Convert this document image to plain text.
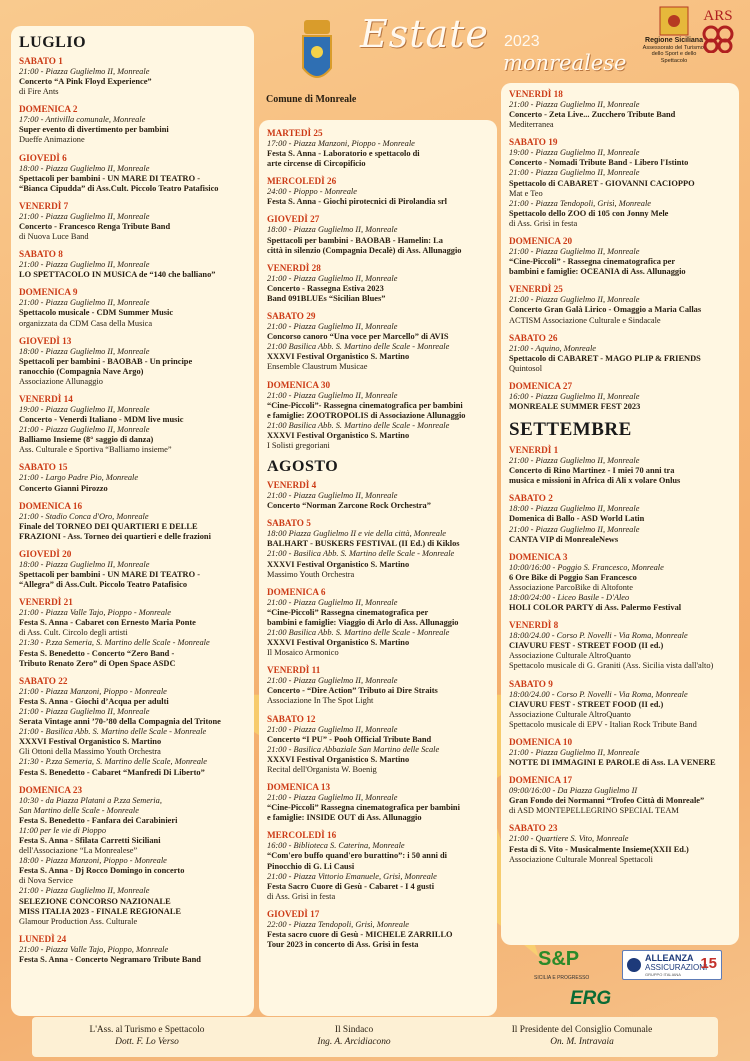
LUGLIO
SABATO 1
21:00 - Piazza Guglielmo II, Monreale
Concerto “A Pink Floyd Experience”
di Fire Ants
DOMENICA 2
17:00 - Antivilla comunale, Monreale
Super evento di divertimento per bambini
Dueffe Animazione
GIOVEDÌ 6
18:00 - Piazza Guglielmo II, Monreale
Spettacoli per bambini - UN MARE DI TEATRO -
“Bianca Cipudda” di Ass.Cult. Piccolo Teatro Patafisico
VENERDÌ 7
21:00 - Piazza Guglielmo II, Monreale
Concerto - Francesco Renga Tribute Band
di Nuova Luce Band
SABATO 8
21:00 - Piazza Guglielmo II, Monreale
LO SPETTACOLO IN MUSICA de “140 che balliano”
DOMENICA 9
21:00 - Piazza Guglielmo II, Monreale
Spettacolo musicale - CDM Summer Music
organizzata da CDM Casa della Musica
GIOVEDÌ 13
18:00 - Piazza Guglielmo II, Monreale
Spettacoli per bambini - BAOBAB - Un principe
ranocchio (Compagnia Nave Argo)
Associazione Allunaggio
VENERDÌ 14
19:00 - Piazza Guglielmo II, Monreale
Concerto - Venerdì Italiano - MDM live music
21:00 - Piazza Guglielmo II, Monreale
Balliamo Insieme (8° saggio di danza)
Ass. Culturale e Sportiva “Balliamo insieme”
SABATO 15
21:00 - Largo Padre Pio, Monreale
Concerto Gianni Pirozzo
DOMENICA 16
21:00 - Stadio Conca d'Oro, Monreale
Finale del TORNEO DEI QUARTIERI E DELLE
FRAZIONI - Ass. Torneo dei quartieri e delle frazioni
GIOVEDÌ 20
18:00 - Piazza Guglielmo II, Monreale
Spettacoli per bambini - UN MARE DI TEATRO -
“Allegra” di Ass.Cult. Piccolo Teatro Patafisico
VENERDÌ 21
21:00 - Piazza Valle Tajo, Pioppo - Monreale
Festa S. Anna - Cabaret con Ernesto Maria Ponte
di Ass. Cult. Circolo degli artisti
21:30 - P.zza Semeria, S. Martino delle Scale - Monreale
Festa S. Benedetto - Concerto “Zero Band -
Tributo Renato Zero” di Open Space ASDC
SABATO 22
21:00 - Piazza Manzoni, Pioppo - Monreale
Festa S. Anna - Giochi d’Acqua per adulti
21:00 - Piazza Guglielmo II, Monreale
Serata Vintage anni ’70-’80 della Compagnia del Tritone
21:00 - Basilica Abb. S. Martino delle Scale - Monreale
XXXVI Festival Organistico S. Martino
Gli Ottoni della Massimo Youth Orchestra
21:30 - P.zza Semeria, S. Martino delle Scale, Monreale
Festa S. Benedetto - Cabaret “Manfredi Di Liberto”
DOMENICA 23
10:30 - da Piazza Platani a P.zza Semeria,
San Martino delle Scale - Monreale
Festa S. Benedetto - Fanfara dei Carabinieri
11:00 per le vie di Pioppo
Festa S. Anna - Sfilata Carretti Siciliani
dell'Associazione “La Monrealese”
18:00 - Piazza Manzoni, Pioppo - Monreale
Festa S. Anna - Dj Rocco Domingo in concerto
di Nova Service
21:00 - Piazza Guglielmo II, Monreale
SELEZIONE CONCORSO NAZIONALE
MISS ITALIA 2023 - FINALE REGIONALE
Glamour Production Ass. Culturale
LUNEDÌ 24
21:00 - Piazza Valle Tajo, Pioppo, Monreale
Festa S. Anna - Concerto Negramaro Tribute Band
MARTEDÌ 25
17:00 - Piazza Manzoni, Pioppo - Monreale
Festa S. Anna - Laboratorio e spettacolo di
arte circense di Circopificio
MERCOLEDÌ 26
24:00 - Pioppo - Monreale
Festa S. Anna - Giochi pirotecnici di Pirolandia srl
GIOVEDÌ 27
18:00 - Piazza Guglielmo II, Monreale
Spettacoli per bambini - BAOBAB - Hamelin: La
città in silenzio (Compagnia Decalè) di Ass. Allunaggio
VENERDÌ 28
21:00 - Piazza Guglielmo II, Monreale
Concerto - Rassegna Estiva 2023
Band 091BLUEs “Sicilian Blues”
SABATO 29
21:00 - Piazza Guglielmo II, Monreale
Concorso canoro “Una voce per Marcello” di AVIS
21:00 Basilica Abb. S. Martino delle Scale - Monreale
XXXVI Festival Organistico S. Martino
Ensemble Claustrum Musicae
DOMENICA 30
21:00 - Piazza Guglielmo II, Monreale
“Cine-Piccoli”- Rassegna cinematografica per bambini
e famiglie: ZOOTROPOLIS di Associazione Allunaggio
21:00 Basilica Abb. S. Martino delle Scale - Monreale
XXXVI Festival Organistico S. Martino
I Solisti gregoriani
AGOSTO
VENERDÌ 4
21:00 - Piazza Guglielmo II, Monreale
Concerto “Norman Zarcone Rock Orchestra”
SABATO 5
18:00 Piazza Guglielmo II e vie della città, Monreale
BALHART - BUSKERS FESTIVAL (II Ed.) di Kiklos
21:00 - Basilica Abb. S. Martino delle Scale - Monreale
XXXVI Festival Organistico S. Martino
Massimo Youth Orchestra
DOMENICA 6
21:00 - Piazza Guglielmo II, Monreale
“Cine-Piccoli” Rassegna cinematografica per
bambini e famiglie: Viaggio di Arlo di Ass. Allunaggio
21:00 Basilica Abb. S. Martino delle Scale - Monreale
XXXVI Festival Organistico S. Martino
Il Mosaico Armonico
VENERDÌ 11
21:00 - Piazza Guglielmo II, Monreale
Concerto - “Dire Action” Tributo ai Dire Straits
Associazione In The Spot Light
SABATO 12
21:00 - Piazza Guglielmo II, Monreale
Concerto “I PU” - Pooh Official Tribute Band
21:00 - Basilica Abbaziale San Martino delle Scale
XXXVI Festival Organistico S. Martino
Recital dell'Organista W. Boenig
DOMENICA 13
21:00 - Piazza Guglielmo II, Monreale
“Cine-Piccoli” Rassegna cinematografica per bambini
e famiglie: INSIDE OUT di Ass. Allunaggio
MERCOLEDÌ 16
16:00 - Biblioteca S. Caterina, Monreale
“Com'ero buffo quand'ero burattino”: i 50 anni di
Pinocchio di G. Li Causi
21:00 - Piazza Vittorio Emanuele, Grisì, Monreale
Festa Sacro Cuore di Gesù - Cabaret - I 4 gusti
di Ass. Grisì in festa
GIOVEDÌ 17
22:00 - Piazza Tendopoli, Grisì, Monreale
Festa sacro cuore di Gesù - MICHELE ZARRILLO
Tour 2023 in concerto di Ass. Grisì in festa
VENERDÌ 18
21:00 - Piazza Guglielmo II, Monreale
Concerto - Zeta Live... Zucchero Tribute Band
Mediterranea
SABATO 19
19:00 - Piazza Guglielmo II, Monreale
Concerto - Nomadi Tribute Band - Libero l'Istinto
21:00 - Piazza Guglielmo II, Monreale
Spettacolo di CABARET - GIOVANNI CACIOPPO
Mat e Teo
21:00 - Piazza Tendopoli, Grisì, Monreale
Spettacolo dello ZOO di 105 con Jonny Mele
di Ass. Grisì in festa
DOMENICA 20
21:00 - Piazza Guglielmo II, Monreale
“Cine-Piccoli” - Rassegna cinematografica per
bambini e famiglie: OCEANIA di Ass. Allunaggio
VENERDÌ 25
21:00 - Piazza Guglielmo II, Monreale
Concerto Gran Galà Lirico - Omaggio a Maria Callas
ACTISM Associazione Culturale e Sindacale
SABATO 26
21:00 - Aquino, Monreale
Spettacolo di CABARET - MAGO PLIP & FRIENDS
Quintosol
DOMENICA 27
16:00 - Piazza Guglielmo II, Monreale
MONREALE SUMMER FEST 2023
SETTEMBRE
VENERDÌ 1
21:00 - Piazza Guglielmo II, Monreale
Concerto di Rino Martinez - I miei 70 anni tra
musica e missioni in Africa di Ali x volare Onlus
SABATO 2
18:00 - Piazza Guglielmo II, Monreale
Domenica di Ballo - ASD World Latin
21:00 - Piazza Guglielmo II, Monreale
CANTA VIP di MonrealeNews
DOMENICA 3
10:00/16:00 - Poggio S. Francesco, Monreale
6 Ore Bike di Poggio San Francesco
Associazione ParcoBike di Altofonte
18:00/24:00 - Liceo Basile - D'Aleo
HOLI COLOR PARTY di Ass. Palermo Festival
VENERDÌ 8
18:00/24.00 - Corso P. Novelli - Via Roma, Monreale
CIAVURU FEST - STREET FOOD (II ed.)
Associazione Culturale AltroQuanto
Spettacolo musicale di G. Graniti (Ass. Sicilia vista dall'alto)
SABATO 9
18:00/24.00 - Corso P. Novelli - Via Roma, Monreale
CIAVURU FEST - STREET FOOD (II ed.)
Associazione Culturale AltroQuanto
Spettacolo musicale di EPV - Italian Rock Tribute Band
DOMENICA 10
21:00 - Piazza Guglielmo II, Monreale
NOTTE DI IMMAGINI E PAROLE di Ass. LA VENERE
DOMENICA 17
09:00/16:00 - Da Piazza Guglielmo II
Gran Fondo dei Normanni “Trofeo Città di Monreale”
di ASD MONTEPELLEGRINO SPECIAL TEAM
SABATO 23
21:00 - Quartiere S. Vito, Monreale
Festa di S. Vito - Musicalmente Insieme(XXII Ed.)
Associazione Culturale Monreal Spettacoli
Comune di Monreale
Estate 2023
monrealese
Regione Siciliana
Assessorato del Turismo, dello Sport e dello Spettacolo
ARS
S&P
SICILIA E PROGRESSO
ALLEANZA
ASSICURAZIONI
GRUPPO ITALIANA
15
ERG
L'Ass. al Turismo e Spettacolo
Dott. F. Lo Verso
Il Sindaco
Ing. A. Arcidiacono
Il Presidente del Consiglio Comunale
On. M. Intravaia
